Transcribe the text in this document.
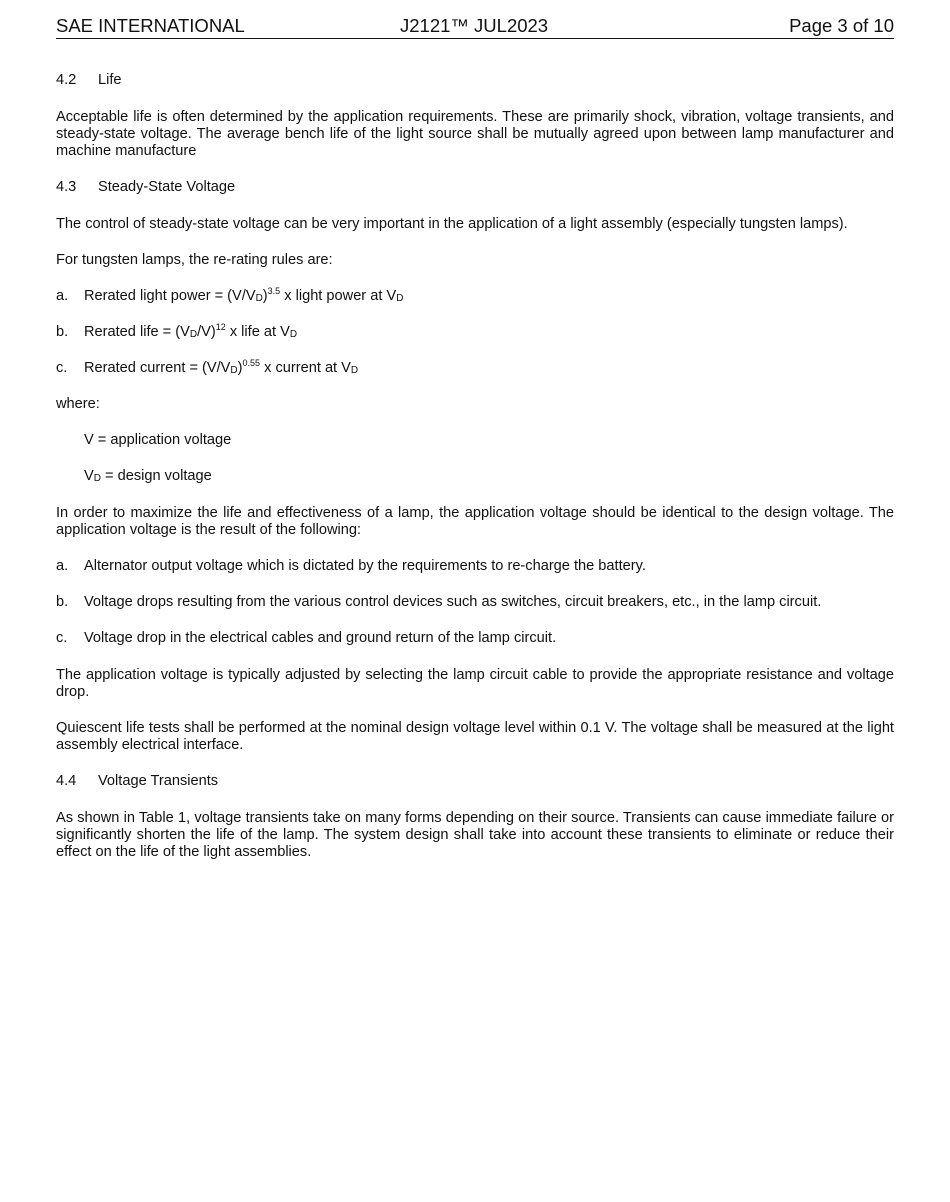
SAE INTERNATIONAL	J2121™ JUL2023	Page 3 of 10
4.2 Life

Acceptable life is often determined by the application requirements. These are primarily shock, vibration, voltage transients, and steady-state voltage. The average bench life of the light source shall be mutually agreed upon between lamp manufacturer and machine manufacture

4.3 Steady-State Voltage

The control of steady-state voltage can be very important in the application of a light assembly (especially tungsten lamps).

For tungsten lamps, the re-rating rules are:

a. Rerated light power = $(V/V_D)^{3.5}$ x light power at $V_D$
b. Rerated life = $(V_D/V)^{12}$ x life at $V_D$
c. Rerated current = $(V/V_D)^{0.55}$ x current at $V_D$

where:

V = application voltage
$V_D$ = design voltage

In order to maximize the life and effectiveness of a lamp, the application voltage should be identical to the design voltage. The application voltage is the result of the following:

a. Alternator output voltage which is dictated by the requirements to re-charge the battery.
b. Voltage drops resulting from the various control devices such as switches, circuit breakers, etc., in the lamp circuit.
c. Voltage drop in the electrical cables and ground return of the lamp circuit.

The application voltage is typically adjusted by selecting the lamp circuit cable to provide the appropriate resistance and voltage drop.

Quiescent life tests shall be performed at the nominal design voltage level within 0.1 V. The voltage shall be measured at the light assembly electrical interface.

4.4 Voltage Transients

As shown in Table 1, voltage transients take on many forms depending on their source. Transients can cause immediate failure or significantly shorten the life of the lamp. The system design shall take into account these transients to eliminate or reduce their effect on the life of the light assemblies.
